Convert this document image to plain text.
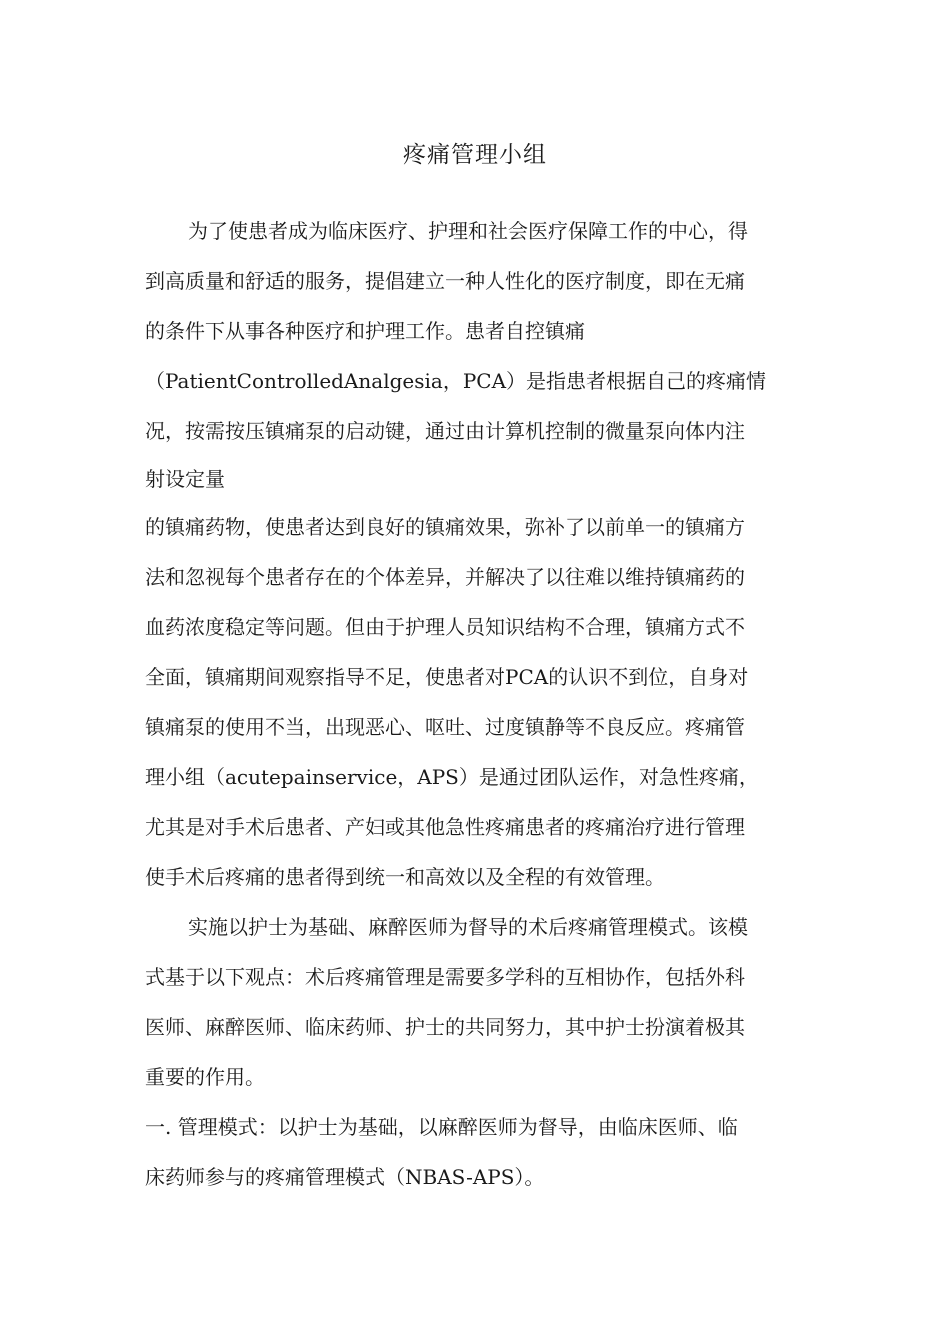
疼痛管理小组
为了使患者成为临床医疗、护理和社会医疗保障工作的中心，得
到高质量和舒适的服务，提倡建立一种人性化的医疗制度，即在无痛
的条件下从事各种医疗和护理工作。患者自控镇痛
（PatientControlledAnalgesia，PCA）是指患者根据自己的疼痛情
况，按需按压镇痛泵的启动键，通过由计算机控制的微量泵向体内注
射设定量
的镇痛药物，使患者达到良好的镇痛效果，弥补了以前单一的镇痛方
法和忽视每个患者存在的个体差异，并解决了以往难以维持镇痛药的
血药浓度稳定等问题。但由于护理人员知识结构不合理，镇痛方式不
全面，镇痛期间观察指导不足，使患者对PCA的认识不到位，自身对
镇痛泵的使用不当，出现恶心、呕吐、过度镇静等不良反应。疼痛管
理小组（acutepainservice，APS）是通过团队运作，对急性疼痛，
尤其是对手术后患者、产妇或其他急性疼痛患者的疼痛治疗进行管理
使手术后疼痛的患者得到统一和高效以及全程的有效管理。
实施以护士为基础、麻醉医师为督导的术后疼痛管理模式。该模
式基于以下观点：术后疼痛管理是需要多学科的互相协作，包括外科
医师、麻醉医师、临床药师、护士的共同努力，其中护士扮演着极其
重要的作用。
一. 管理模式：以护士为基础，以麻醉医师为督导，由临床医师、临
床药师参与的疼痛管理模式（NBAS-APS）。
